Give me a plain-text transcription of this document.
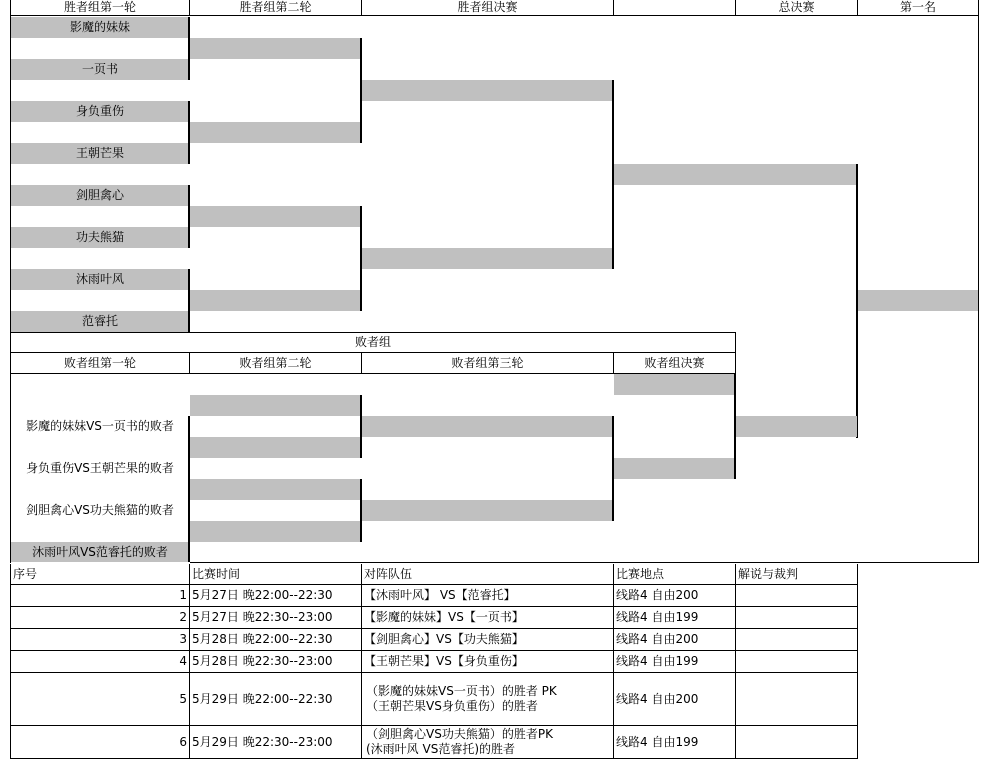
胜者组第一轮	胜者组第二轮	胜者组决赛	总决赛	第一名
影魔的妹妹
一页书
身负重伤
王朝芒果
剑胆禽心
功夫熊猫
沐雨叶风
范睿托
败者组
败者组第一轮	败者组第二轮	败者组第三轮	败者组决赛
影魔的妹妹VS一页书的败者
身负重伤VS王朝芒果的败者
剑胆禽心VS功夫熊猫的败者
沐雨叶风VS范睿托的败者
序号	比赛时间	对阵队伍	比赛地点	解说与裁判
1 5月27日 晚22:00--22:30	【沐雨叶风】 VS【范睿托】	线路4 自由200
2 5月27日 晚22:30--23:00	【影魔的妹妹】VS【一页书】	线路4 自由199
3 5月28日 晚22:00--22:30	【剑胆禽心】VS【功夫熊猫】	线路4 自由200
4 5月28日 晚22:30--23:00	【王朝芒果】VS【身负重伤】	线路4 自由199
5 5月29日 晚22:00--22:30
（影魔的妹妹VS一页书）的胜者 PK
（王朝芒果VS身负重伤）的胜者	线路4 自由200
6 5月29日 晚22:30--23:00
（剑胆禽心VS功夫熊猫）的胜者PK
(沐雨叶风 VS范睿托)的胜者	线路4 自由199
